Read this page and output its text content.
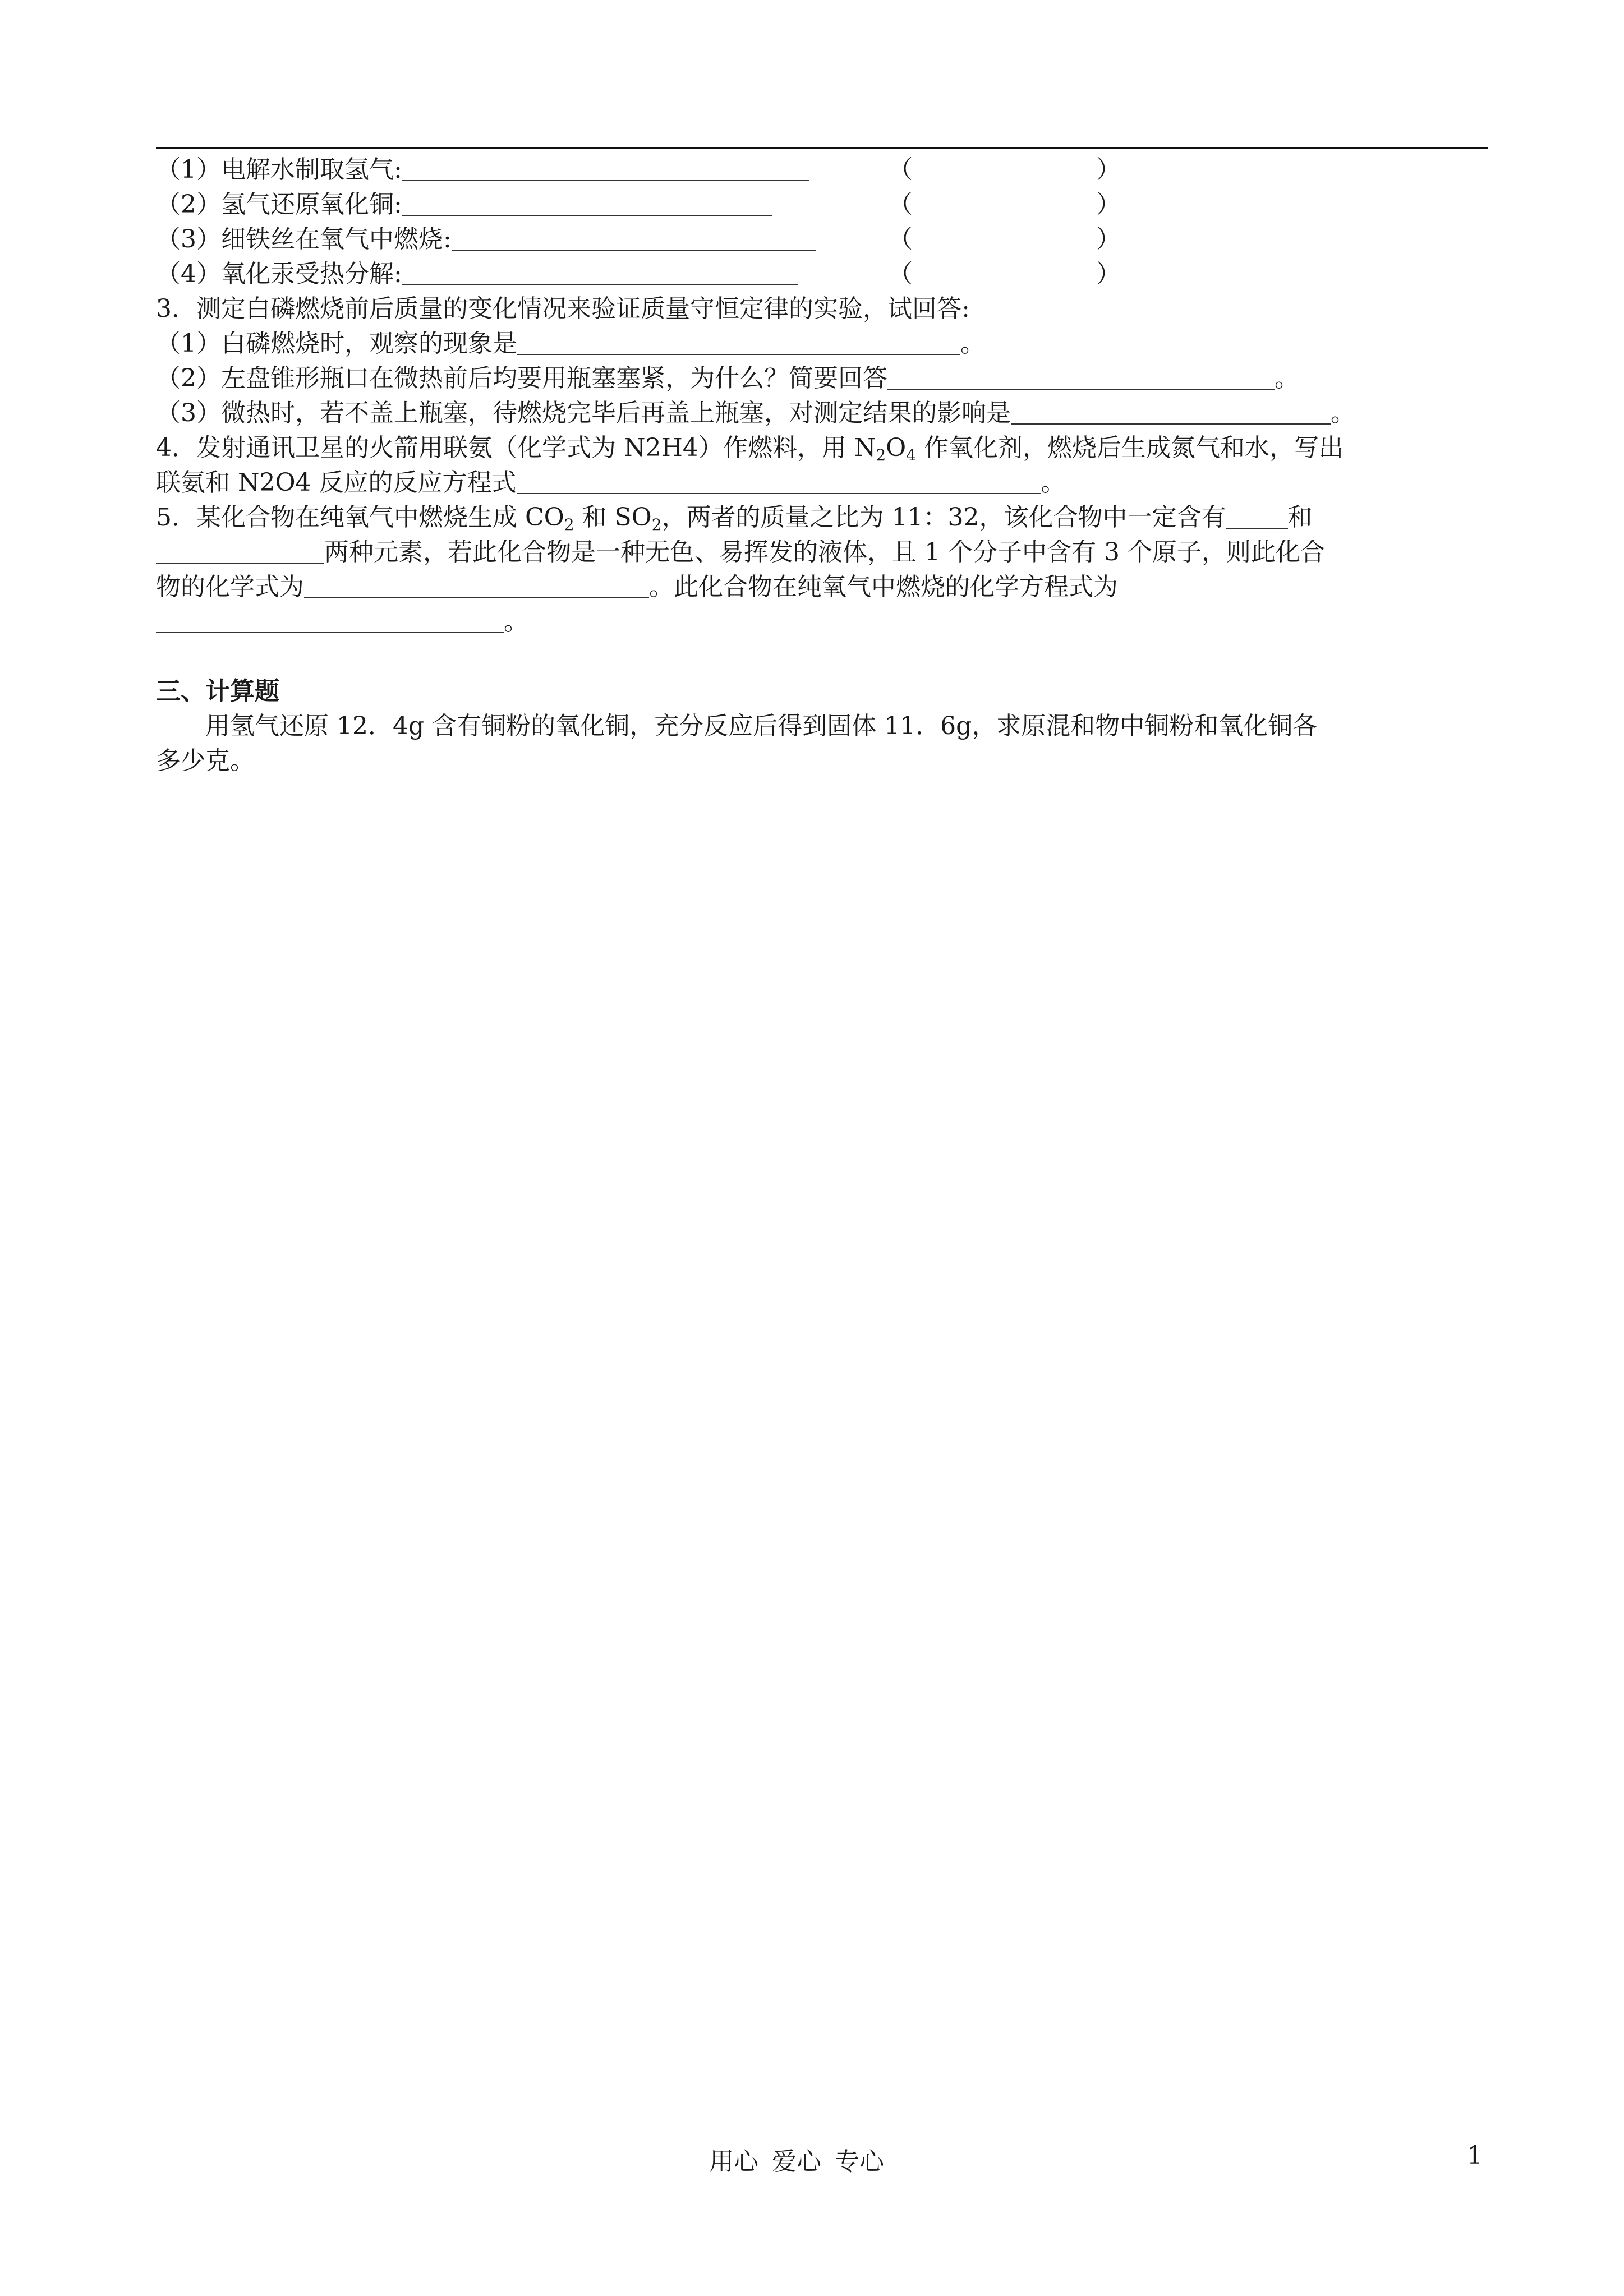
（1）电解水制取氢气:	（	）
（2）氢气还原氧化铜:	（	）
（3）细铁丝在氧气中燃烧:	（	）
（4）氧化汞受热分解:	（	）
3．测定白磷燃烧前后质量的变化情况来验证质量守恒定律的实验，试回答:
（1）白磷燃烧时，观察的现象是	。
（2）左盘锥形瓶口在微热前后均要用瓶塞塞紧，为什么？简要回答	。
（3）微热时，若不盖上瓶塞，待燃烧完毕后再盖上瓶塞，对测定结果的影响是	。
4．发射通讯卫星的火箭用联氨（化学式为 N2H4）作燃料，用 $N_2O_4$ 作氧化剂，燃烧后生成氮气和水，写出
联氨和 N2O4 反应的反应方程式	。
5．某化合物在纯氧气中燃烧生成 $CO_2$ 和 $SO_2$，两者的质量之比为 11：32，该化合物中一定含有	和
两种元素，若此化合物是一种无色、易挥发的液体，且 1 个分子中含有 3 个原子，则此化合
物的化学式为	。此化合物在纯氧气中燃烧的化学方程式为
。
三、计算题
用氢气还原 12．4g 含有铜粉的氧化铜，充分反应后得到固体 11．6g，求原混和物中铜粉和氧化铜各
多少克。
用心 爱心 专心	1
